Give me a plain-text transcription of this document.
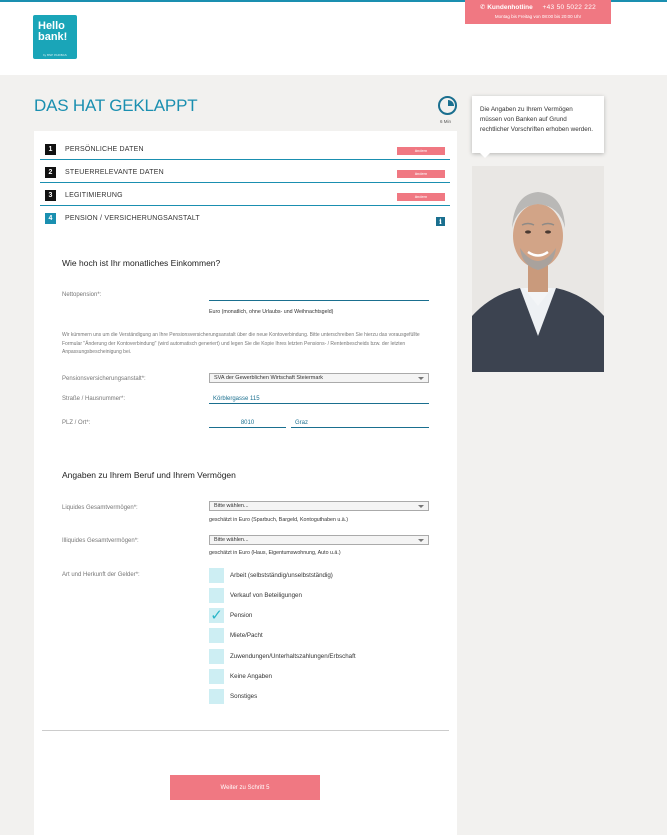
Hello
bank!
by BNP PARIBAS
✆ Kundenhotline +43 50 5022 222
Montag bis Freitag von 08:00 bis 20:00 Uhr
DAS HAT GEKLAPPT
6 Min
1	PERSÖNLICHE DATEN	ändern
2	STEUERRELEVANTE DATEN	ändern
3	LEGITIMIERUNG	ändern
4	PENSION / VERSICHERUNGSANSTALT	i
Wie hoch ist Ihr monatliches Einkommen?
Nettopension*:
Euro (monatlich, ohne Urlaubs- und Weihnachtsgeld)
Wir kümmern uns um die Verständigung an Ihre Pensionsversicherungsanstalt über die neue Kontoverbindung. Bitte unterschreiben Sie hierzu das vorausgefüllte Formular "Änderung der Kontoverbindung" (wird automatisch generiert) und legen Sie die Kopie Ihres letzten Pensions- / Rentenbescheids bzw. der letzten Anpassungsbescheinigung bei.
Pensionsversicherungsanstalt*:	SVA der Gewerblichen Wirtschaft Steiermark
Straße / Hausnummer*:	Körblergasse 115
PLZ / Ort*:	8010	Graz
Angaben zu Ihrem Beruf und Ihrem Vermögen
Liquides Gesamtvermögen*:	Bitte wählen...
geschätzt in Euro (Sparbuch, Bargeld, Kontoguthaben u.ä.)
Illiquides Gesamtvermögen*:	Bitte wählen...
geschätzt in Euro (Haus, Eigentumswohnung, Auto u.ä.)
Art und Herkunft der Gelder*:	Arbeit (selbstständig/unselbstständig)
Verkauf von Beteiligungen
✓ Pension
Miete/Pacht
Zuwendungen/Unterhaltszahlungen/Erbschaft
Keine Angaben
Sonstiges
Weiter zu Schritt 5
Die Angaben zu Ihrem Vermögen müssen von Banken auf Grund rechtlicher Vorschriften erhoben werden.
